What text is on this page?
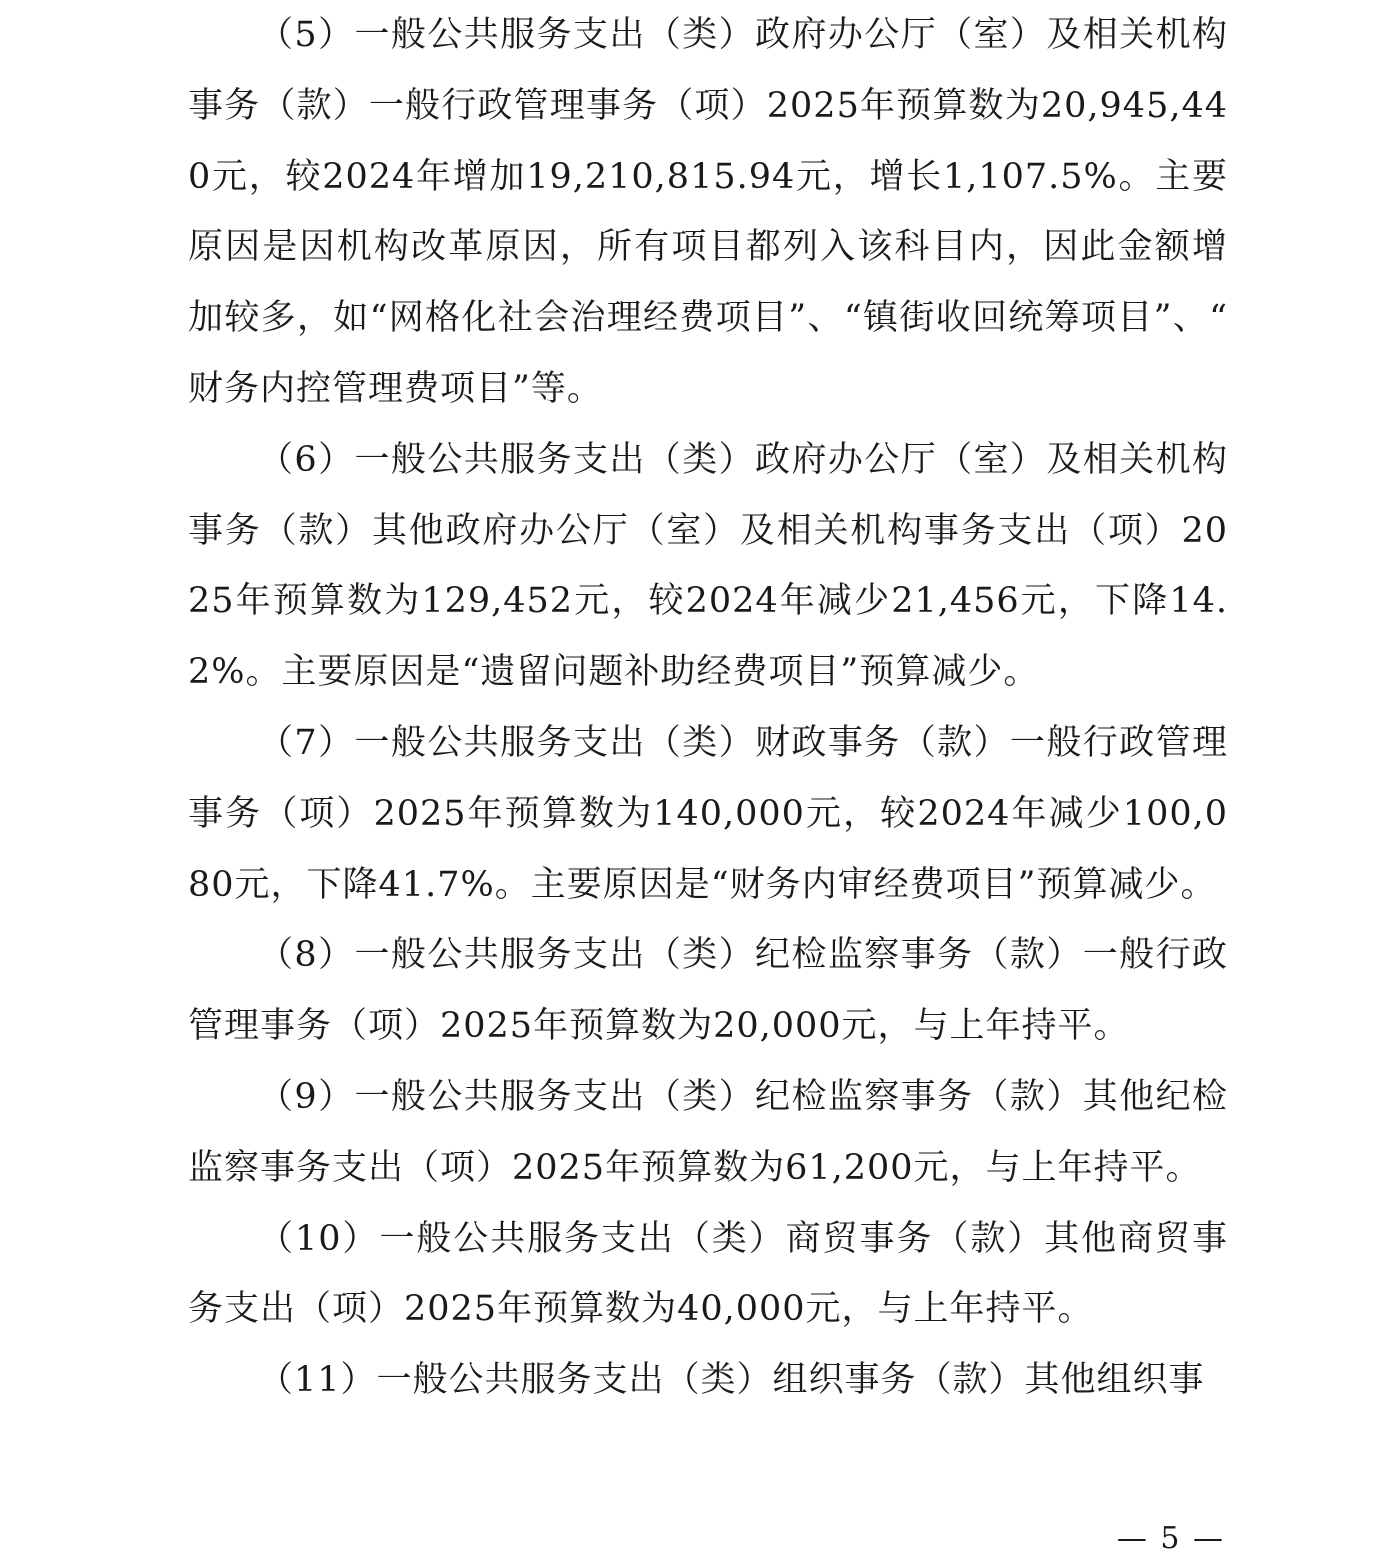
（5）一般公共服务支出（类）政府办公厅（室）及相关机构事务（款）一般行政管理事务（项）2025年预算数为20,945,440元，较2024年增加19,210,815.94元，增长1,107.5%。主要原因是因机构改革原因，所有项目都列入该科目内，因此金额增加较多，如“网格化社会治理经费项目”、“镇街收回统筹项目”、“财务内控管理费项目”等。

（6）一般公共服务支出（类）政府办公厅（室）及相关机构事务（款）其他政府办公厅（室）及相关机构事务支出（项）2025年预算数为129,452元，较2024年减少21,456元，下降14.2%。主要原因是“遗留问题补助经费项目”预算减少。

（7）一般公共服务支出（类）财政事务（款）一般行政管理事务（项）2025年预算数为140,000元，较2024年减少100,080元，下降41.7%。主要原因是“财务内审经费项目”预算减少。

（8）一般公共服务支出（类）纪检监察事务（款）一般行政管理事务（项）2025年预算数为20,000元，与上年持平。

（9）一般公共服务支出（类）纪检监察事务（款）其他纪检监察事务支出（项）2025年预算数为61,200元，与上年持平。

（10）一般公共服务支出（类）商贸事务（款）其他商贸事务支出（项）2025年预算数为40,000元，与上年持平。

（11）一般公共服务支出（类）组织事务（款）其他组织事

— 5 —
